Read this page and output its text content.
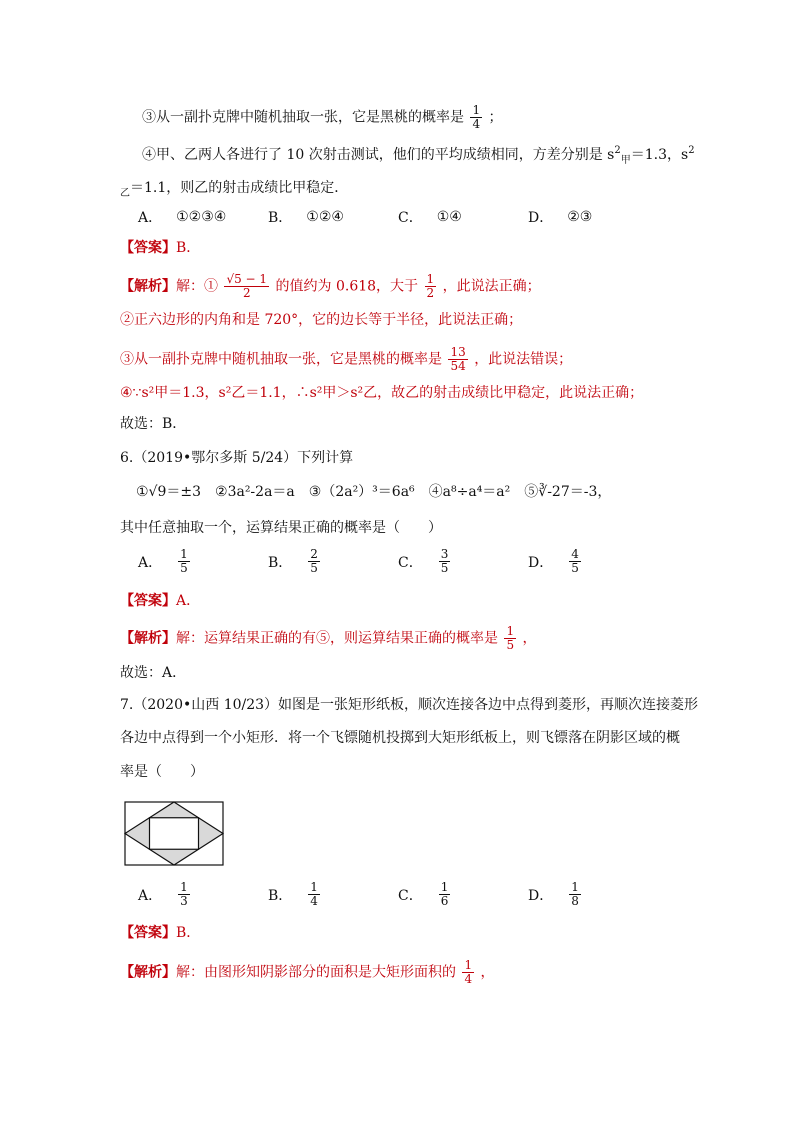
③从一副扑克牌中随机抽取一张，它是黑桃的概率是 $\frac{1}{4}$ ；
④甲、乙两人各进行了 10 次射击测试，他们的平均成绩相同，方差分别是 $s^2_甲=1.3$，$s^2$
$_乙$＝1.1，则乙的射击成绩比甲稳定．
A． ①②③④	B． ①②④	C． ①④	D． ②③
【答案】B．
【解析】解：① $\frac{√5 - 1}{2}$ 的值约为 0.618，大于 $\frac{1}{2}$ ，此说法正确；
②正六边形的内角和是 720°，它的边长等于半径，此说法正确；
③从一副扑克牌中随机抽取一张，它是黑桃的概率是 $\frac{13}{54}$ ，此说法错误；
④∵s²甲＝1.3，s²乙＝1.1，∴s²甲＞s²乙，故乙的射击成绩比甲稳定，此说法正确；
故选：B．
6.（2019•鄂尔多斯 5/24）下列计算
①√9＝±3　②3a²-2a＝a　③（2a²）³＝6a⁶　④a⁸÷a⁴＝a²　⑤∛-27＝-3，
其中任意抽取一个，运算结果正确的概率是（　　）
A． $\frac{1}{5}$	B． $\frac{2}{5}$	C． $\frac{3}{5}$	D． $\frac{4}{5}$
【答案】A．
【解析】解：运算结果正确的有⑤，则运算结果正确的概率是 $\frac{1}{5}$ ，
故选：A．
7.（2020•山西 10/23）如图是一张矩形纸板，顺次连接各边中点得到菱形，再顺次连接菱形
各边中点得到一个小矩形．将一个飞镖随机投掷到大矩形纸板上，则飞镖落在阴影区域的概
率是（　　）
A． $\frac{1}{3}$	B． $\frac{1}{4}$	C． $\frac{1}{6}$	D． $\frac{1}{8}$
【答案】B．
【解析】解：由图形知阴影部分的面积是大矩形面积的 $\frac{1}{4}$ ，
